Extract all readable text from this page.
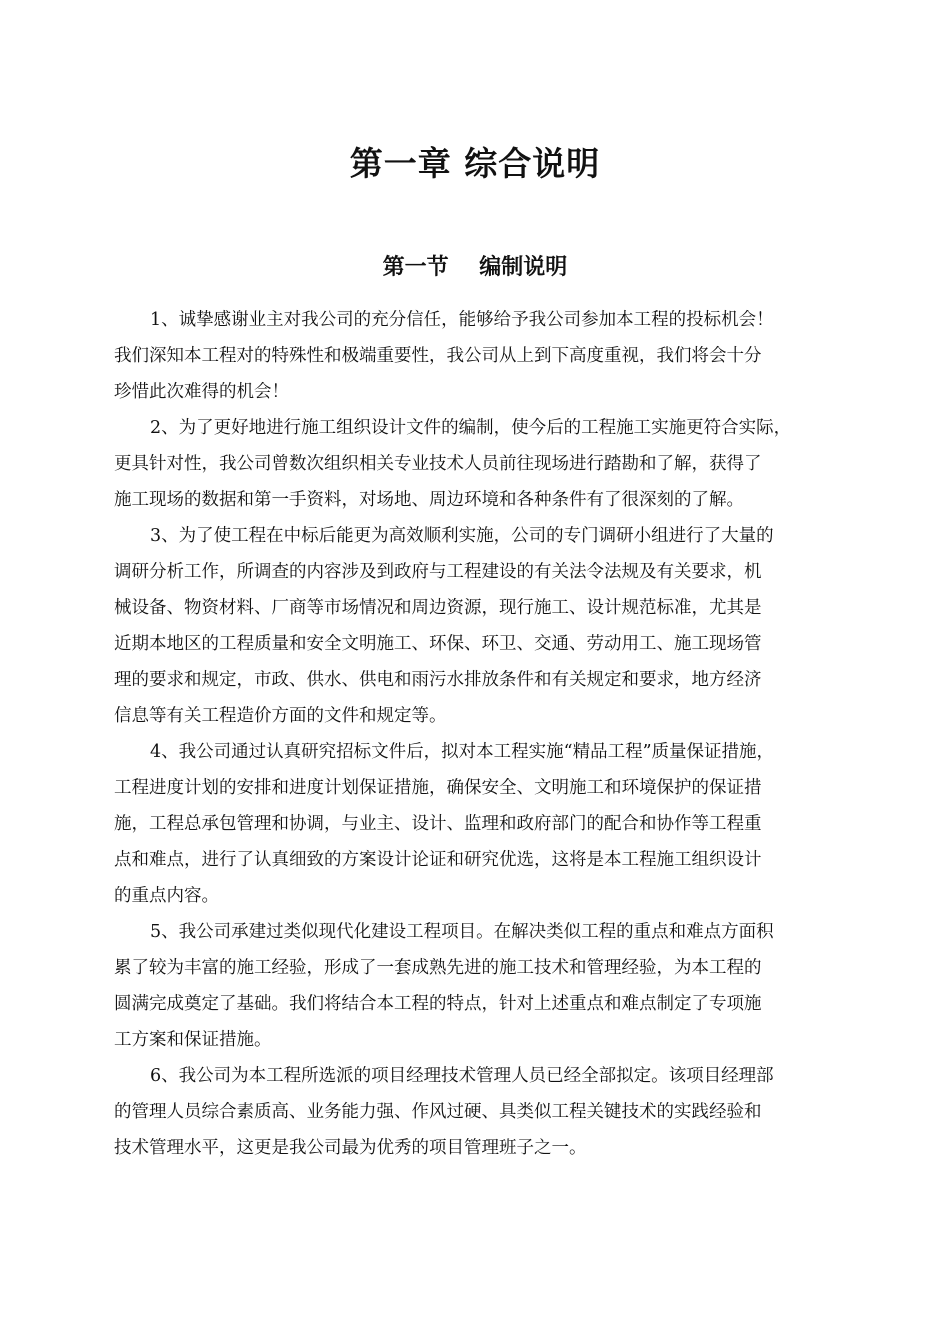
第一章 综合说明
第一节    编制说明
1、诚挚感谢业主对我公司的充分信任，能够给予我公司参加本工程的投标机会！
我们深知本工程对的特殊性和极端重要性，我公司从上到下高度重视，我们将会十分
珍惜此次难得的机会！
2、为了更好地进行施工组织设计文件的编制，使今后的工程施工实施更符合实际，
更具针对性，我公司曾数次组织相关专业技术人员前往现场进行踏勘和了解，获得了
施工现场的数据和第一手资料，对场地、周边环境和各种条件有了很深刻的了解。
3、为了使工程在中标后能更为高效顺利实施，公司的专门调研小组进行了大量的
调研分析工作，所调查的内容涉及到政府与工程建设的有关法令法规及有关要求，机
械设备、物资材料、厂商等市场情况和周边资源，现行施工、设计规范标准，尤其是
近期本地区的工程质量和安全文明施工、环保、环卫、交通、劳动用工、施工现场管
理的要求和规定，市政、供水、供电和雨污水排放条件和有关规定和要求，地方经济
信息等有关工程造价方面的文件和规定等。
4、我公司通过认真研究招标文件后，拟对本工程实施“精品工程”质量保证措施，
工程进度计划的安排和进度计划保证措施，确保安全、文明施工和环境保护的保证措
施，工程总承包管理和协调，与业主、设计、监理和政府部门的配合和协作等工程重
点和难点，进行了认真细致的方案设计论证和研究优选，这将是本工程施工组织设计
的重点内容。
5、我公司承建过类似现代化建设工程项目。在解决类似工程的重点和难点方面积
累了较为丰富的施工经验，形成了一套成熟先进的施工技术和管理经验，为本工程的
圆满完成奠定了基础。我们将结合本工程的特点，针对上述重点和难点制定了专项施
工方案和保证措施。
6、我公司为本工程所选派的项目经理技术管理人员已经全部拟定。该项目经理部
的管理人员综合素质高、业务能力强、作风过硬、具类似工程关键技术的实践经验和
技术管理水平，这更是我公司最为优秀的项目管理班子之一。
